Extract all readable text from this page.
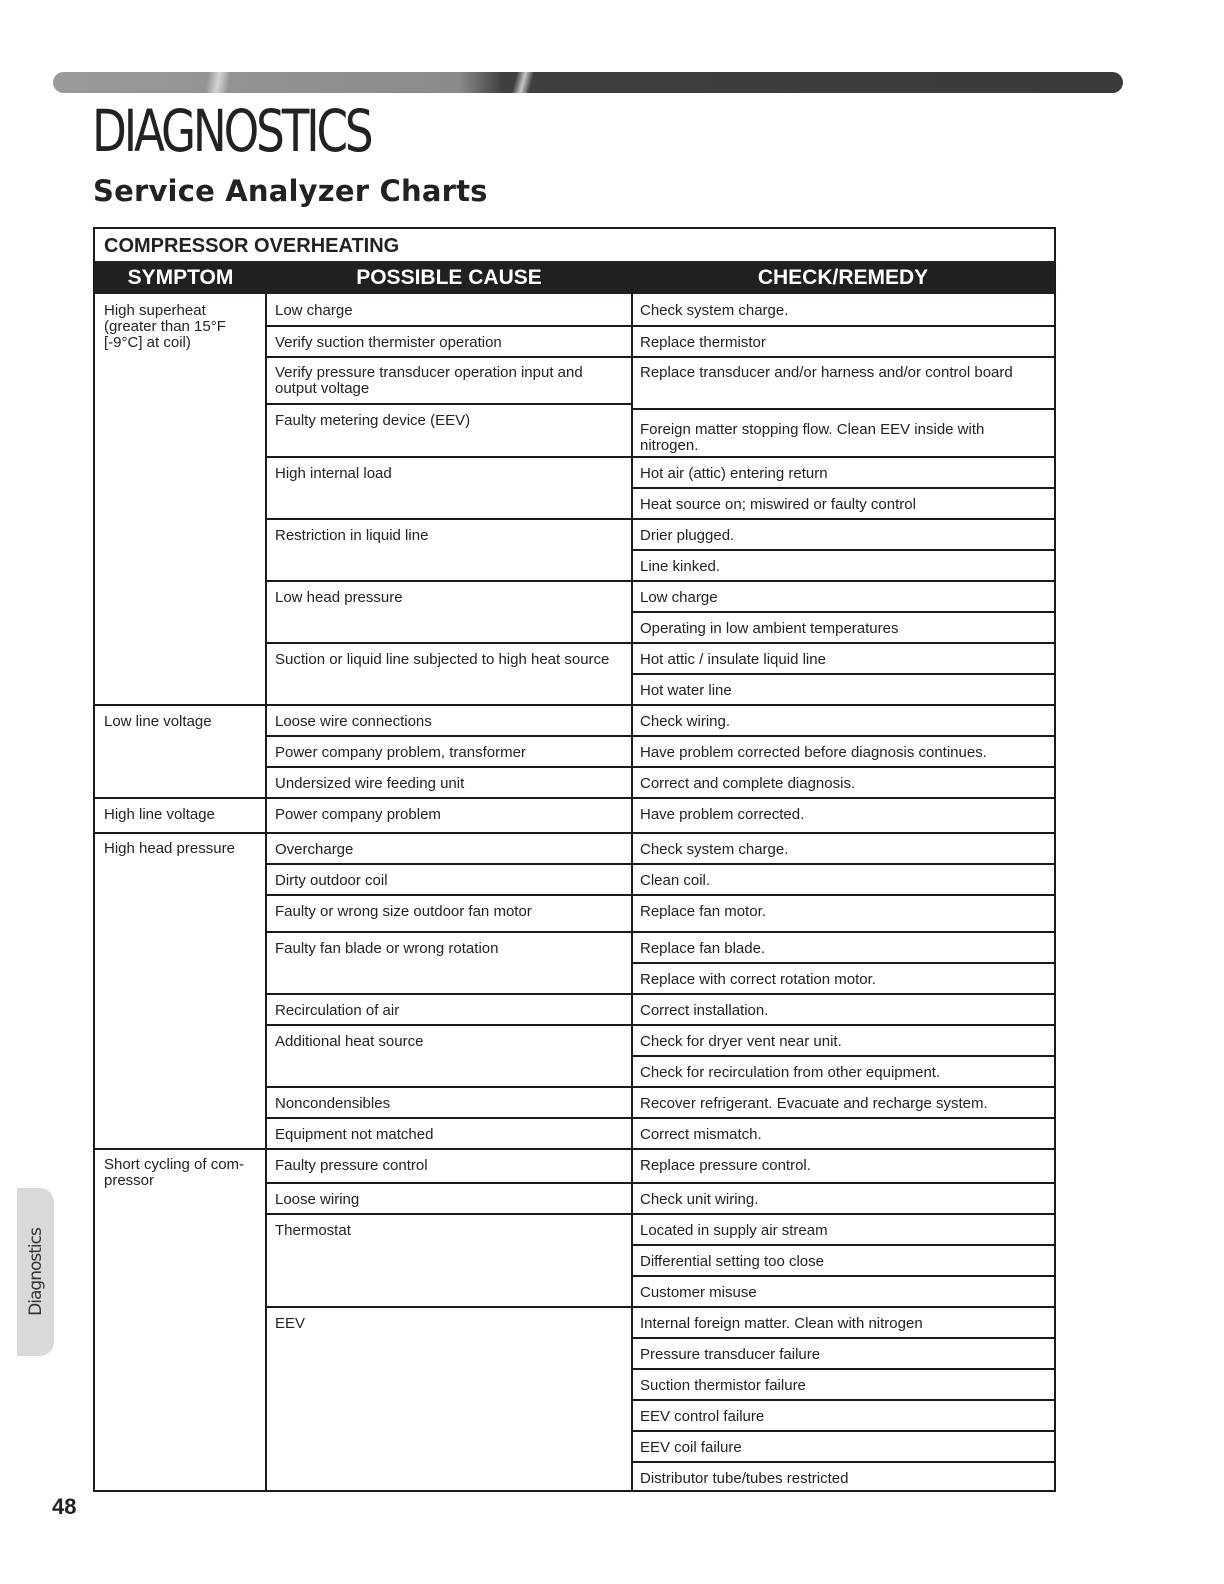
DIAGNOSTICS
Service Analyzer Charts
COMPRESSOR OVERHEATING
SYMPTOM	POSSIBLE CAUSE	CHECK/REMEDY
Check system charge.
Replace thermistor
Replace transducer and/or harness and/or control board
Foreign matter stopping flow. Clean EEV inside with nitrogen.
Hot air (attic) entering return
Heat source on; miswired or faulty control
Drier plugged.
Line kinked.
Low charge
Operating in low ambient temperatures
Hot attic / insulate liquid line
Hot water line
Check wiring.
Have problem corrected before diagnosis continues.
Correct and complete diagnosis.
Have problem corrected.
Check system charge.
Clean coil.
Replace fan motor.
Replace fan blade.
Replace with correct rotation motor.
Correct installation.
Check for dryer vent near unit.
Check for recirculation from other equipment.
Recover refrigerant. Evacuate and recharge system.
Correct mismatch.
Replace pressure control.
Check unit wiring.
Located in supply air stream
Differential setting too close
Customer misuse
Internal foreign matter. Clean with nitrogen
Pressure transducer failure
Suction thermistor failure
EEV control failure
EEV coil failure
Distributor tube/tubes restricted
Low charge
Verify suction thermister operation
Verify pressure transducer operation input and output voltage
Faulty metering device (EEV)
High internal load
Restriction in liquid line
Low head pressure
Suction or liquid line subjected to high heat source
Loose wire connections
Power company problem, transformer
Undersized wire feeding unit
Power company problem
Overcharge
Dirty outdoor coil
Faulty or wrong size outdoor fan motor
Faulty fan blade or wrong rotation
Recirculation of air
Additional heat source
Noncondensibles
Equipment not matched
Faulty pressure control
Loose wiring
Thermostat
EEV
High superheat (greater than 15°F [-9°C] at coil)
Low line voltage
High line voltage
High head pressure
Short cycling of com-pressor
Diagnostics
48
